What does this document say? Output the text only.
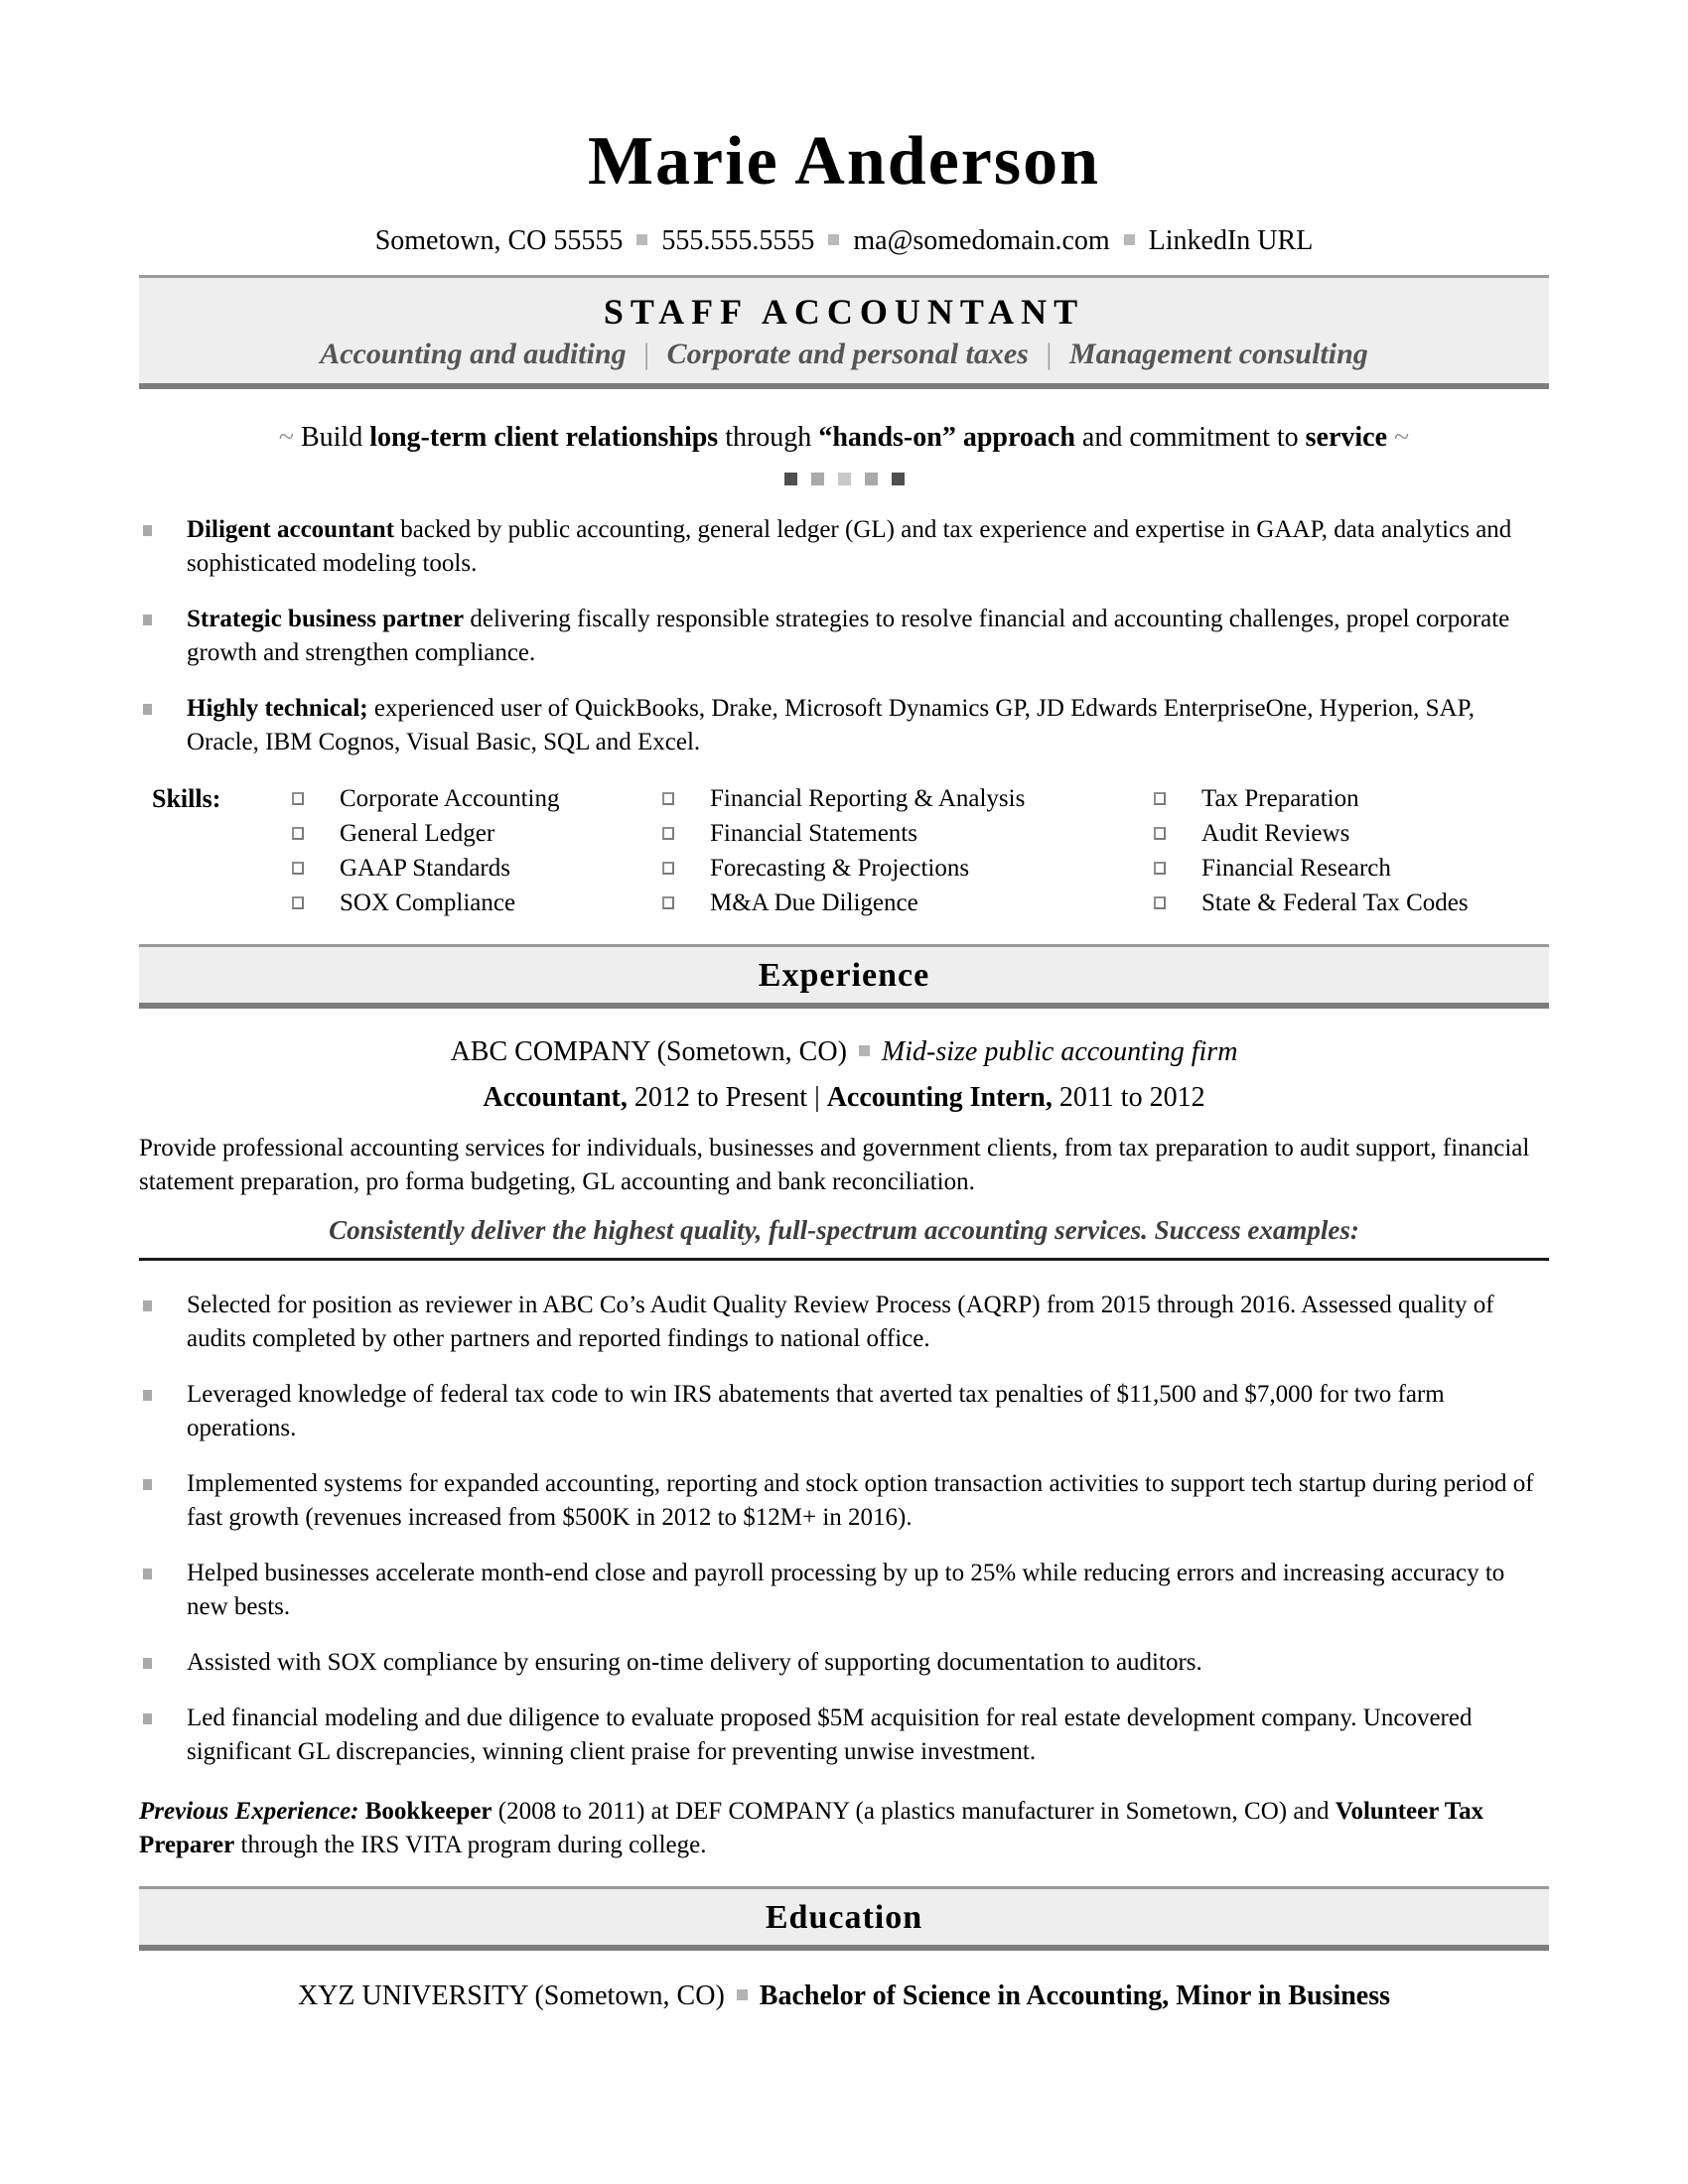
Marie Anderson
Sometown, CO 55555 555.555.5555 ma@somedomain.com LinkedIn URL
STAFF ACCOUNTANT
Accounting and auditing | Corporate and personal taxes | Management consulting

~ Build long-term client relationships through “hands-on” approach and commitment to service ~

Diligent accountant backed by public accounting, general ledger (GL) and tax experience and expertise in GAAP, data analytics and sophisticated modeling tools.
Strategic business partner delivering fiscally responsible strategies to resolve financial and accounting challenges, propel corporate growth and strengthen compliance.
Highly technical; experienced user of QuickBooks, Drake, Microsoft Dynamics GP, JD Edwards EnterpriseOne, Hyperion, SAP, Oracle, IBM Cognos, Visual Basic, SQL and Excel.
Skills:	Corporate Accounting
General Ledger
GAAP Standards
SOX Compliance
Financial Reporting & Analysis
Financial Statements
Forecasting & Projections
M&A Due Diligence
Tax Preparation
Audit Reviews
Financial Research
State & Federal Tax Codes
Experience

ABC COMPANY (Sometown, CO) Mid-size public accounting firm

Accountant, 2012 to Present | Accounting Intern, 2011 to 2012

Provide professional accounting services for individuals, businesses and government clients, from tax preparation to audit support, financial statement preparation, pro forma budgeting, GL accounting and bank reconciliation.

Consistently deliver the highest quality, full-spectrum accounting services. Success examples:

Selected for position as reviewer in ABC Co’s Audit Quality Review Process (AQRP) from 2015 through 2016. Assessed quality of audits completed by other partners and reported findings to national office.
Leveraged knowledge of federal tax code to win IRS abatements that averted tax penalties of $11,500 and $7,000 for two farm operations.
Implemented systems for expanded accounting, reporting and stock option transaction activities to support tech startup during period of fast growth (revenues increased from $500K in 2012 to $12M+ in 2016).
Helped businesses accelerate month-end close and payroll processing by up to 25% while reducing errors and increasing accuracy to new bests.
Assisted with SOX compliance by ensuring on-time delivery of supporting documentation to auditors.
Led financial modeling and due diligence to evaluate proposed $5M acquisition for real estate development company. Uncovered significant GL discrepancies, winning client praise for preventing unwise investment.

Previous Experience: Bookkeeper (2008 to 2011) at DEF COMPANY (a plastics manufacturer in Sometown, CO) and Volunteer Tax Preparer through the IRS VITA program during college.

Education

XYZ UNIVERSITY (Sometown, CO) Bachelor of Science in Accounting, Minor in Business
